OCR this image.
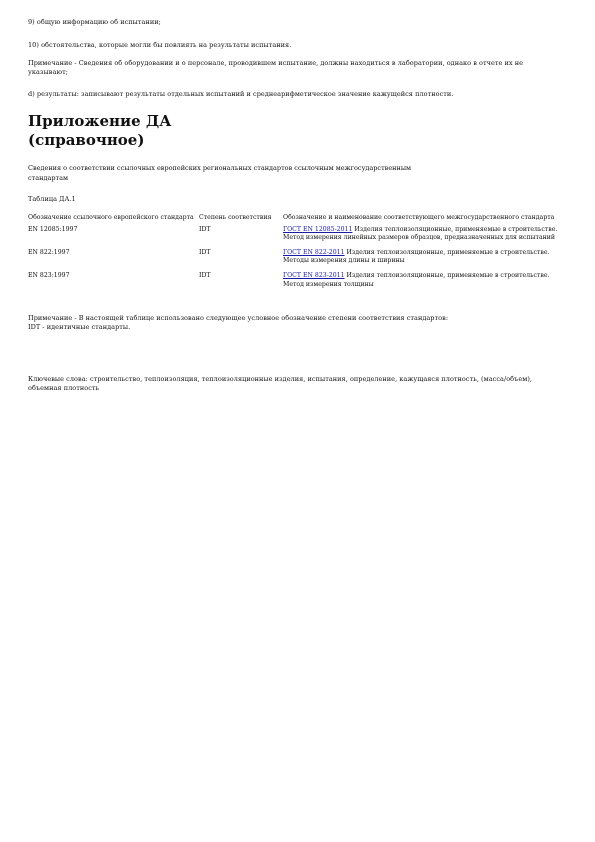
9) общую информацию об испытании;
10) обстоятельства, которые могли бы повлиять на результаты испытания.
Примечание - Сведения об оборудовании и о персонале, проводившем испытание, должны находиться в лаборатории, однако в отчете их не указывают;
d) результаты: записывают результаты отдельных испытаний и среднеарифметическое значение кажущейся плотности.
Приложение ДА
(справочное)
Сведения о соответствии ссылочных европейских региональных стандартов ссылочным межгосударственным стандартам
Таблица ДА.1
Обозначение ссылочного европейского стандарта	Степень соответствия	Обозначение и наименование соответствующего межгосударственного стандарта
EN 12085:1997	IDT	ГОСТ EN 12085-2011 Изделия теплоизоляционные, применяемые в строительстве. Метод измерения линейных размеров образцов, предназначенных для испытаний
EN 822:1997	IDT	ГОСТ EN 822-2011 Изделия теплоизоляционные, применяемые в строительстве. Методы измерения длины и ширины
EN 823:1997	IDT	ГОСТ EN 823-2011 Изделия теплоизоляционные, применяемые в строительстве. Метод измерения толщины
Примечание - В настоящей таблице использовано следующее условное обозначение степени соответствия стандартов:
IDT - идентичные стандарты.
Ключевые слова: строительство, теплоизоляция, теплоизоляционные изделия, испытания, определение, кажущаяся плотность, (масса/объем), объемная плотность
